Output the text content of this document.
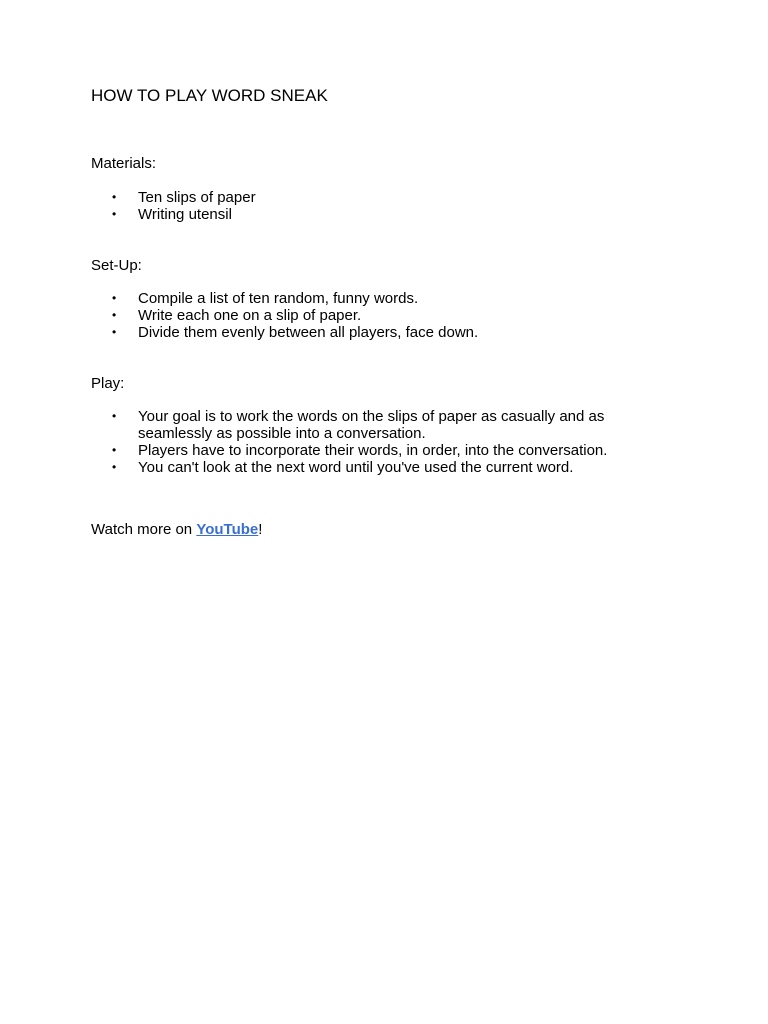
HOW TO PLAY WORD SNEAK

Materials:

• Ten slips of paper
• Writing utensil

Set-Up:

• Compile a list of ten random, funny words.
• Write each one on a slip of paper.
• Divide them evenly between all players, face down.

Play:

• Your goal is to work the words on the slips of paper as casually and as seamlessly as possible into a conversation.
• Players have to incorporate their words, in order, into the conversation.
• You can't look at the next word until you've used the current word.

Watch more on YouTube!
